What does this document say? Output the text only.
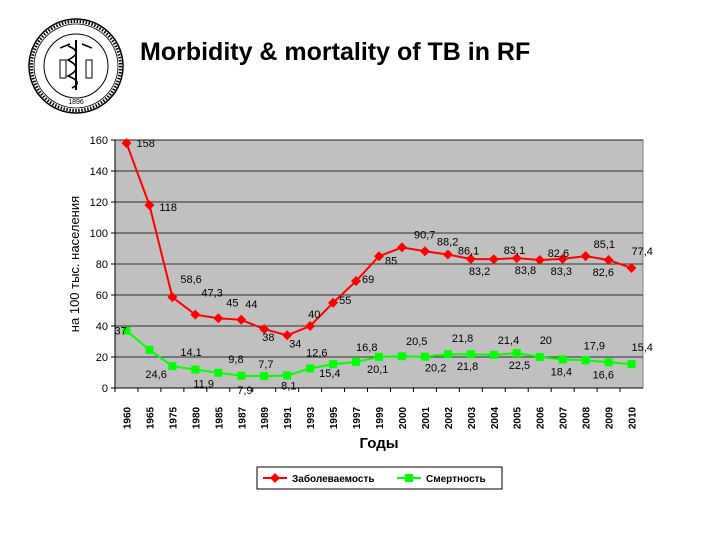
1896
Morbidity & mortality of TB in RF
0
20
40
60
80
100
120
140
160
1960 1965 1975 1980 1985 1987 1989 1991 1993 1995 1997 1999 2000 2001 2002 2003 2004 2005 2006 2007 2008 2009 2010
158
118
58,6
47,3
45 44
38
34
40
55
69
85
90,7
88,2
86,1
83,2
83,1
83,8
82,6
83,3
85,1
82,6
77,4
37
24,6
14,1
11,9
9,8
7,9
7,7
8,1
12,6
15,4
16,8
20,1
20,5
20,2
21,8
21,8
21,4
22,5
20
18,4
17,9
16,6
15,4
на 100 тыс. населения
Годы
Заболеваемость	Смертность
